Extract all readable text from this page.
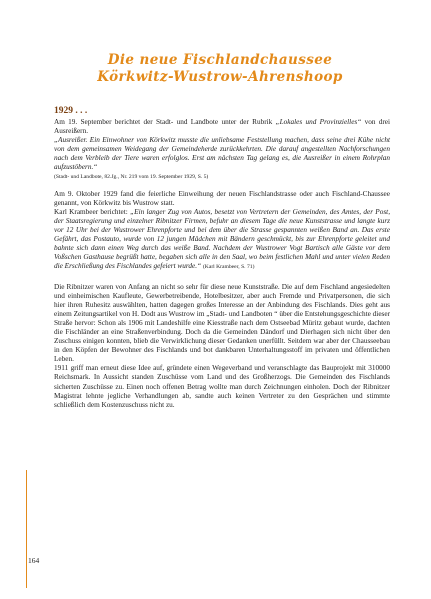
Die neue Fischlandchaussee
Körkwitz-Wustrow-Ahrenshoop
1929 . . .

Am 19. September berichtet der Stadt- und Landbote unter der Rubrik „Lokales und Provinzielles“ von drei Ausreißern.

„Ausreißer. Ein Einwohner von Körkwitz musste die unliebsame Feststellung machen, dass seine drei Kühe nicht von dem gemeinsamen Weidegang der Gemeindeherde zurückkehrten. Die darauf angestellten Nachforschungen nach dem Verbleib der Tiere waren erfolglos. Erst am nächsten Tag gelang es, die Ausreißer in einem Rohrplan aufzustöbern.“

(Stadt- und Landbote, 82.Jg., Nr. 219 vom 19. September 1929, S. 5)

Am 9. Oktober 1929 fand die feierliche Einweihung der neuen Fischlandstrasse oder auch Fischland-Chaussee genannt, von Körkwitz bis Wustrow statt.

Karl Krambeer berichtet: „Ein langer Zug von Autos, besetzt von Vertretern der Gemeinden, des Amtes, der Post, der Staatsregierung und einzelner Ribnitzer Firmen, befuhr an diesem Tage die neue Kunststrasse und langte kurz vor 12 Uhr bei der Wustrower Ehrenpforte und bei dem über die Strasse gespannten weißen Band an. Das erste Gefährt, das Postauto, wurde von 12 jungen Mädchen mit Bändern geschmückt, bis zur Ehrenpforte geleitet und bahnte sich dann einen Weg durch das weiße Band. Nachdem der Wustrower Vogt Bartisch alle Gäste vor dem Voßschen Gasthause begrüßt hatte, begaben sich alle in den Saal, wo beim festlichen Mahl und unter vielen Reden die Erschließung des Fischlandes gefeiert wurde.“ (Karl Krambeer, S. 71)

Die Ribnitzer waren von Anfang an nicht so sehr für diese neue Kunststraße. Die auf dem Fischland angesiedelten und einheimischen Kaufleute, Gewerbetreibende, Hotelbesitzer, aber auch Fremde und Privatpersonen, die sich hier ihren Ruhesitz auswählten, hatten dagegen großes Interesse an der Anbindung des Fischlands. Dies geht aus einem Zeitungsartikel von H. Dodt aus Wustrow im „Stadt- und Landboten “ über die Entstehungsgeschichte dieser Straße hervor: Schon als 1906 mit Landeshilfe eine Kiesstraße nach dem Ostseebad Müritz gebaut wurde, dachten die Fischländer an eine Straßenverbindung. Doch da die Gemeinden Dändorf und Dierhagen sich nicht über den Zuschuss einigen konnten, blieb die Verwirklichung dieser Gedanken unerfüllt. Seitdem war aber der Chausseebau in den Köpfen der Bewohner des Fischlands und bot dankbaren Unterhaltungsstoff im privaten und öffentlichen Leben.

1911 griff man erneut diese Idee auf, gründete einen Wegeverband und veranschlagte das Bauprojekt mit 310000 Reichsmark. In Aussicht standen Zuschüsse vom Land und des Großherzogs. Die Gemeinden des Fischlands sicherten Zuschüsse zu. Einen noch offenen Betrag wollte man durch Zeichnungen einholen. Doch der Ribnitzer Magistrat lehnte jegliche Verhandlungen ab, sandte auch keinen Vertreter zu den Gesprächen und stimmte schließlich dem Kostenzuschuss nicht zu.

164
